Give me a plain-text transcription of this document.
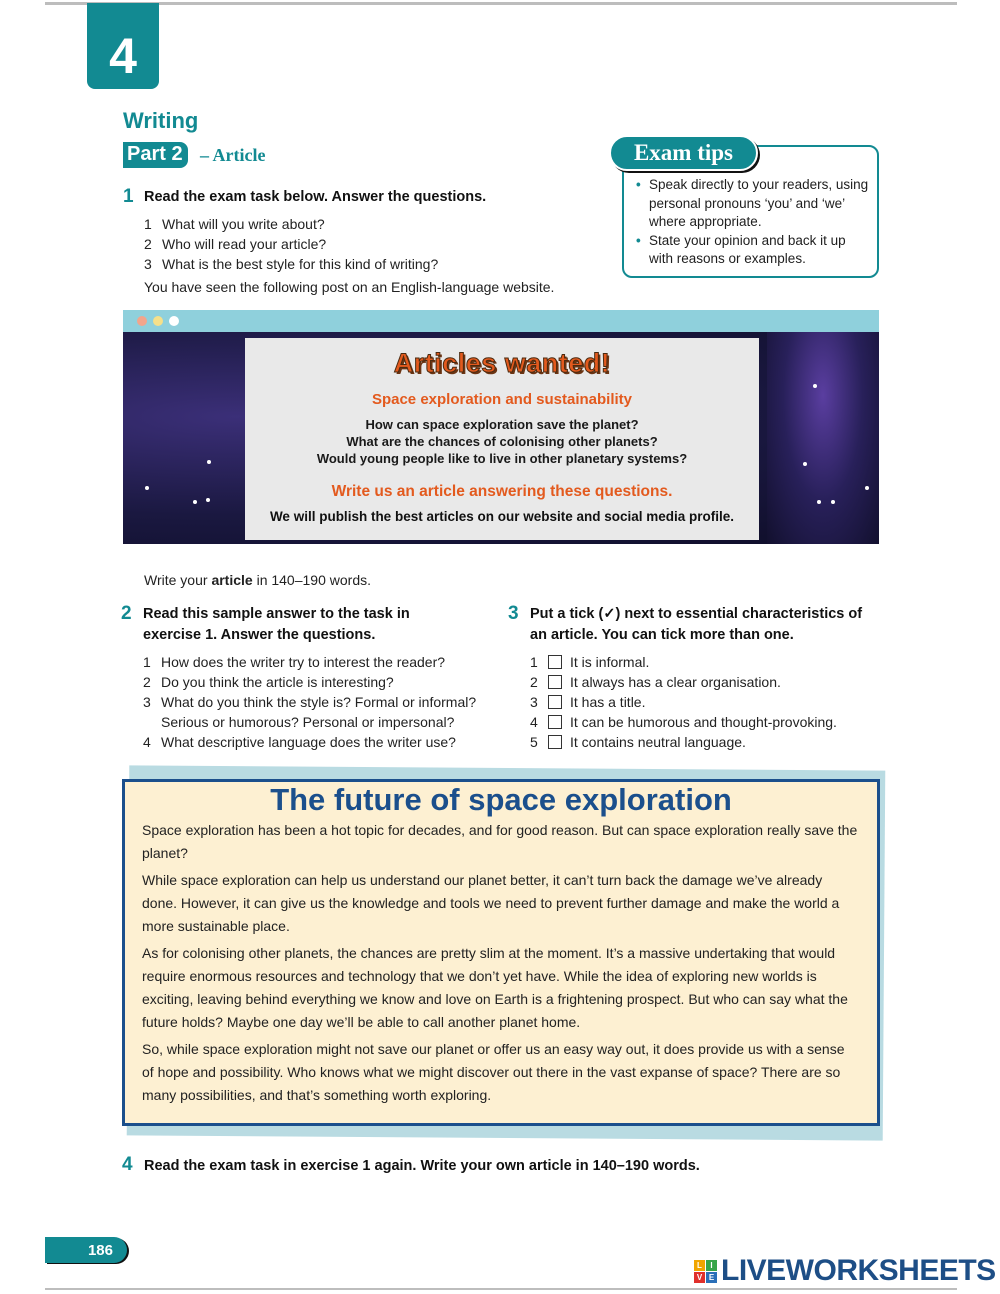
4
Writing
Part 2 – Article	Exam tips
• Speak directly to your readers, using personal pronouns ‘you’ and ‘we’ where appropriate.
• State your opinion and back it up with reasons or examples.
1 Read the exam task below. Answer the questions.
1 What will you write about?
2 Who will read your article?
3 What is the best style for this kind of writing?
You have seen the following post on an English-language website.
Articles wanted!
Space exploration and sustainability
How can space exploration save the planet?
What are the chances of colonising other planets?
Would young people like to live in other planetary systems?
Write us an article answering these questions.
We will publish the best articles on our website and social media profile.
Write your article in 140–190 words.
2 Read this sample answer to the task in
exercise 1. Answer the questions.
1 How does the writer try to interest the reader?
2 Do you think the article is interesting?
3 What do you think the style is? Formal or informal?
Serious or humorous? Personal or impersonal?
4 What descriptive language does the writer use?
3 Put a tick (✓) next to essential characteristics of
an article. You can tick more than one.
1	It is informal.
2	It always has a clear organisation.
3	It has a title.
4	It can be humorous and thought-provoking.
5	It contains neutral language.
The future of space exploration

Space exploration has been a hot topic for decades, and for good reason. But can space exploration really save the planet?

While space exploration can help us understand our planet better, it can’t turn back the damage we’ve already done. However, it can give us the knowledge and tools we need to prevent further damage and make the world a more sustainable place.

As for colonising other planets, the chances are pretty slim at the moment. It’s a massive undertaking that would require enormous resources and technology that we don’t yet have. While the idea of exploring new worlds is exciting, leaving behind everything we know and love on Earth is a frightening prospect. But who can say what the future holds? Maybe one day we’ll be able to call another planet home.

So, while space exploration might not save our planet or offer us an easy way out, it does provide us with a sense of hope and possibility. Who knows what we might discover out there in the vast expanse of space? There are so many possibilities, and that’s something worth exploring.

4 Read the exam task in exercise 1 again. Write your own article in 140–190 words.
186
L	I
V E LIVEWORKSHEETS
